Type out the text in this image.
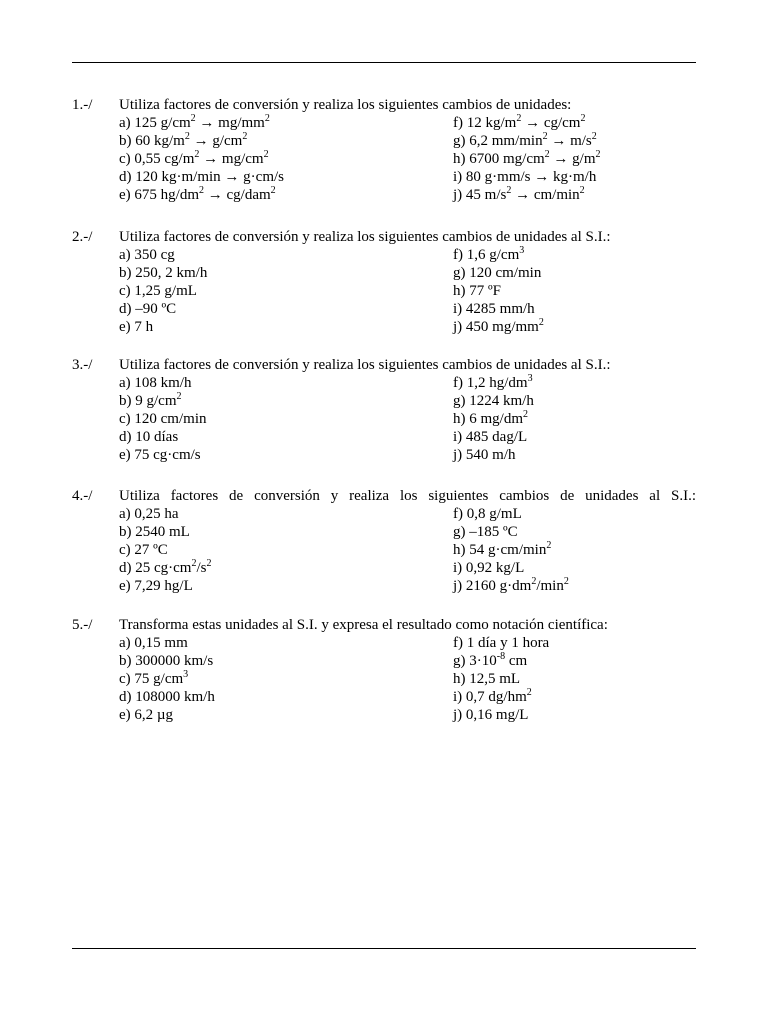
1.-/	Utiliza factores de conversión y realiza los siguientes cambios de unidades:
a) 125 $g/cm^2 \to mg/mm^2$
b) 60 $kg/m^2 \to g/cm^2$
c) 0,55 $cg/m^2 \to mg/cm^2$
d) 120 kg·m/min → g·cm/s
e) 675 $hg/dm^2 \to cg/dam^2$
f) 12 $kg/m^2 \to cg/cm^2$
g) 6,2 $mm/\min^2 \to m/s^2$
h) 6700 $mg/cm^2 \to g/m^2$
i) 80 g·mm/s → kg·m/h
j) 45 $m/s^2 \to cm/\min^2$
2.-/	Utiliza factores de conversión y realiza los siguientes cambios de unidades al S.I.:
a) 350 cg
b) 250, 2 km/h
c) 1,25 g/mL
d) –90 ºC
e) 7 h
f) 1,6 $g/cm^3$
g) 120 cm/min
h) 77 ºF
i) 4285 mm/h
j) 450 $mg/mm^2$
3.-/	Utiliza factores de conversión y realiza los siguientes cambios de unidades al S.I.:
a) 108 km/h
b) 9 $g/cm^2$
c) 120 cm/min
d) 10 días
e) 75 cg·cm/s
f) 1,2 $hg/dm^3$
g) 1224 km/h
h) 6 $mg/dm^2$
i) 485 dag/L
j) 540 m/h
4.-/	Utiliza factores de conversión y realiza los siguientes cambios de unidades al S.I.:
a) 0,25 ha
b) 2540 mL
c) 27 ºC
d) 25 $cg\cdot cm^2/s^2$
e) 7,29 hg/L
f) 0,8 g/mL
g) –185 ºC
h) 54 $g\cdot cm/\min^2$
i) 0,92 kg/L
j) 2160 $g\cdot dm^2/\min^2$
5.-/	Transforma estas unidades al S.I. y expresa el resultado como notación científica:
a) 0,15 mm
b) 300000 km/s
c) 75 $g/cm^3$
d) 108000 km/h
e) 6,2 µg
f) 1 día y 1 hora
g) $3\cdot 10^{-8}$ cm
h) 12,5 mL
i) 0,7 $dg/hm^2$
j) 0,16 mg/L
